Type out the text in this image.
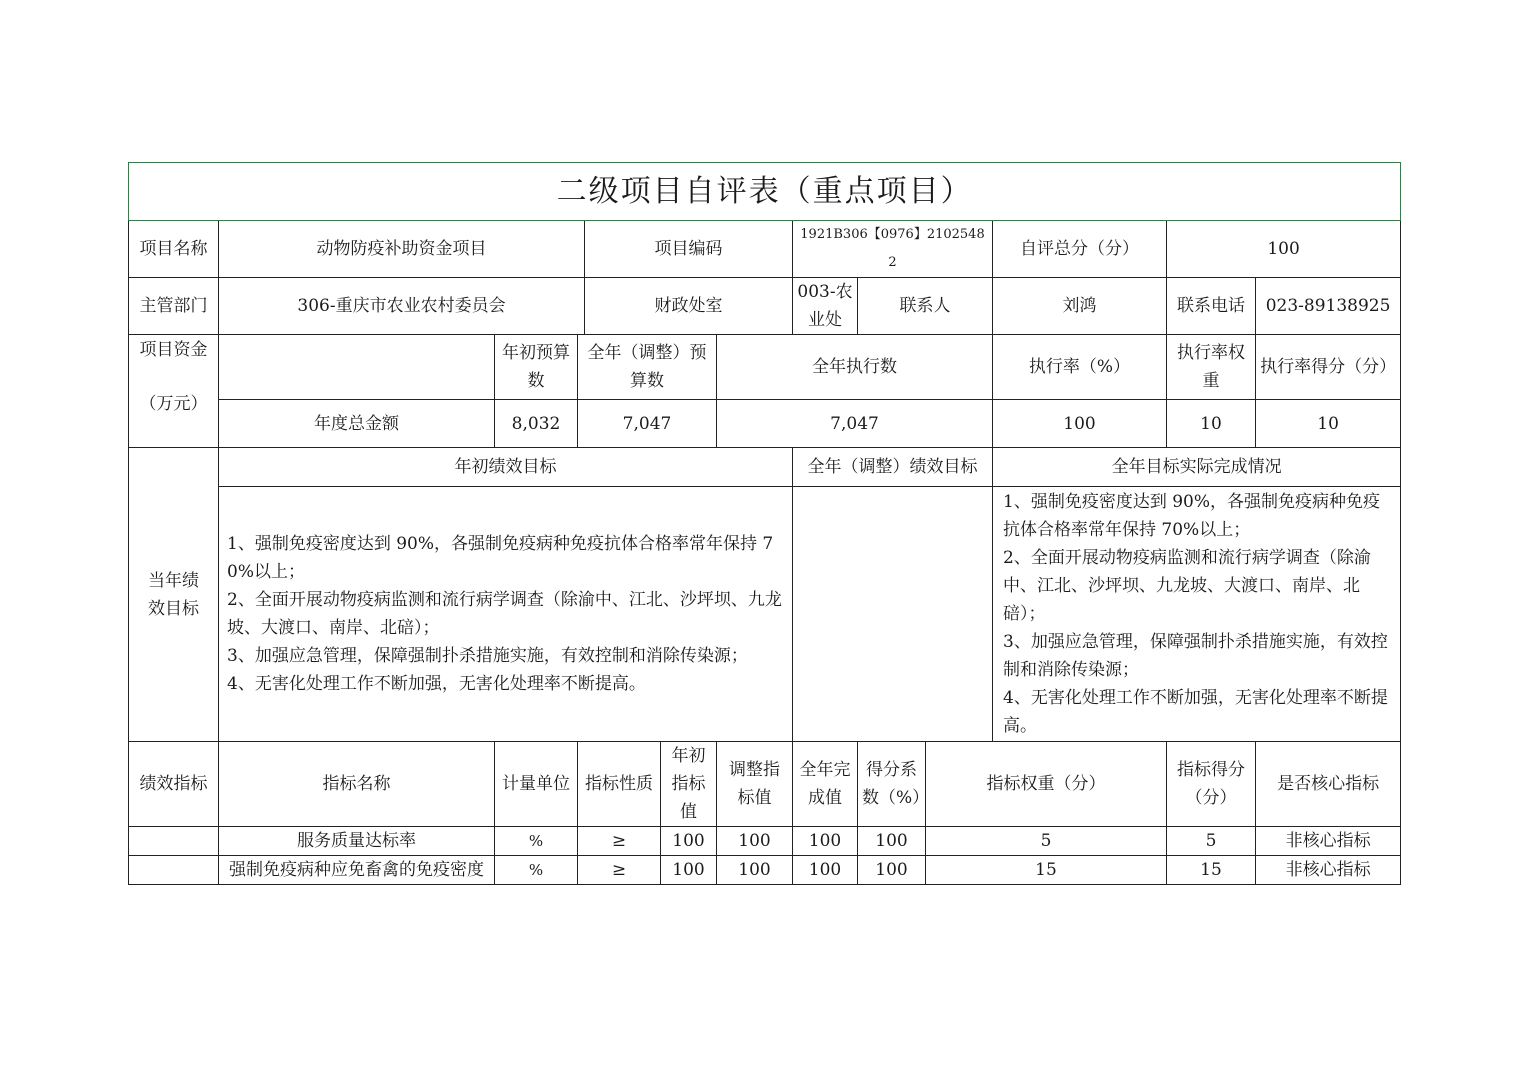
二级项目自评表（重点项目）												
项目名称	动物防疫补助资金项目			项目编码			1921B306【0976】21025482			自评总分（分）	100	
主管部门	306-重庆市农业农村委员会			财政处室			003-农业处	联系人		刘鸿	联系电话	023-89138925

项目资金
（万元）		年初预算数	全年（调整）预算数			全年执行数				执行率（%）	执行率权重	执行率得分（分）
	年度总金额	8,032	7,047			7,047				100	10	10
当年绩效目标	年初绩效目标						全年（调整）绩效目标			全年目标实际完成情况		

	1、强制免疫密度达到 90%，各强制免疫病种免疫抗体合格率常年保持 70%以上；
2、全面开展动物疫病监测和流行病学调查（除渝中、江北、沙坪坝、九龙坡、大渡口、南岸、北碚）；
3、加强应急管理，保障强制扑杀措施实施，有效控制和消除传染源；
4、无害化处理工作不断加强，无害化处理率不断提高。									1、强制免疫密度达到 90%，各强制免疫病种免疫抗体合格率常年保持 70%以上；
2、全面开展动物疫病监测和流行病学调查（除渝中、江北、沙坪坝、九龙坡、大渡口、南岸、北碚）；
3、加强应急管理，保障强制扑杀措施实施，有效控制和消除传染源；
4、无害化处理工作不断加强，无害化处理率不断提高。		

绩效指标	指标名称	计量单位	指标性质		年初指标值	调整指标值	全年完成值	得分系数（%）	指标权重（分）		指标得分（分）	是否核心指标
	服务质量达标率	%	≥		100	100	100	100	5		5	非核心指标
	强制免疫病种应免畜禽的免疫密度	%	≥		100	100	100	100	15		15	非核心指标
